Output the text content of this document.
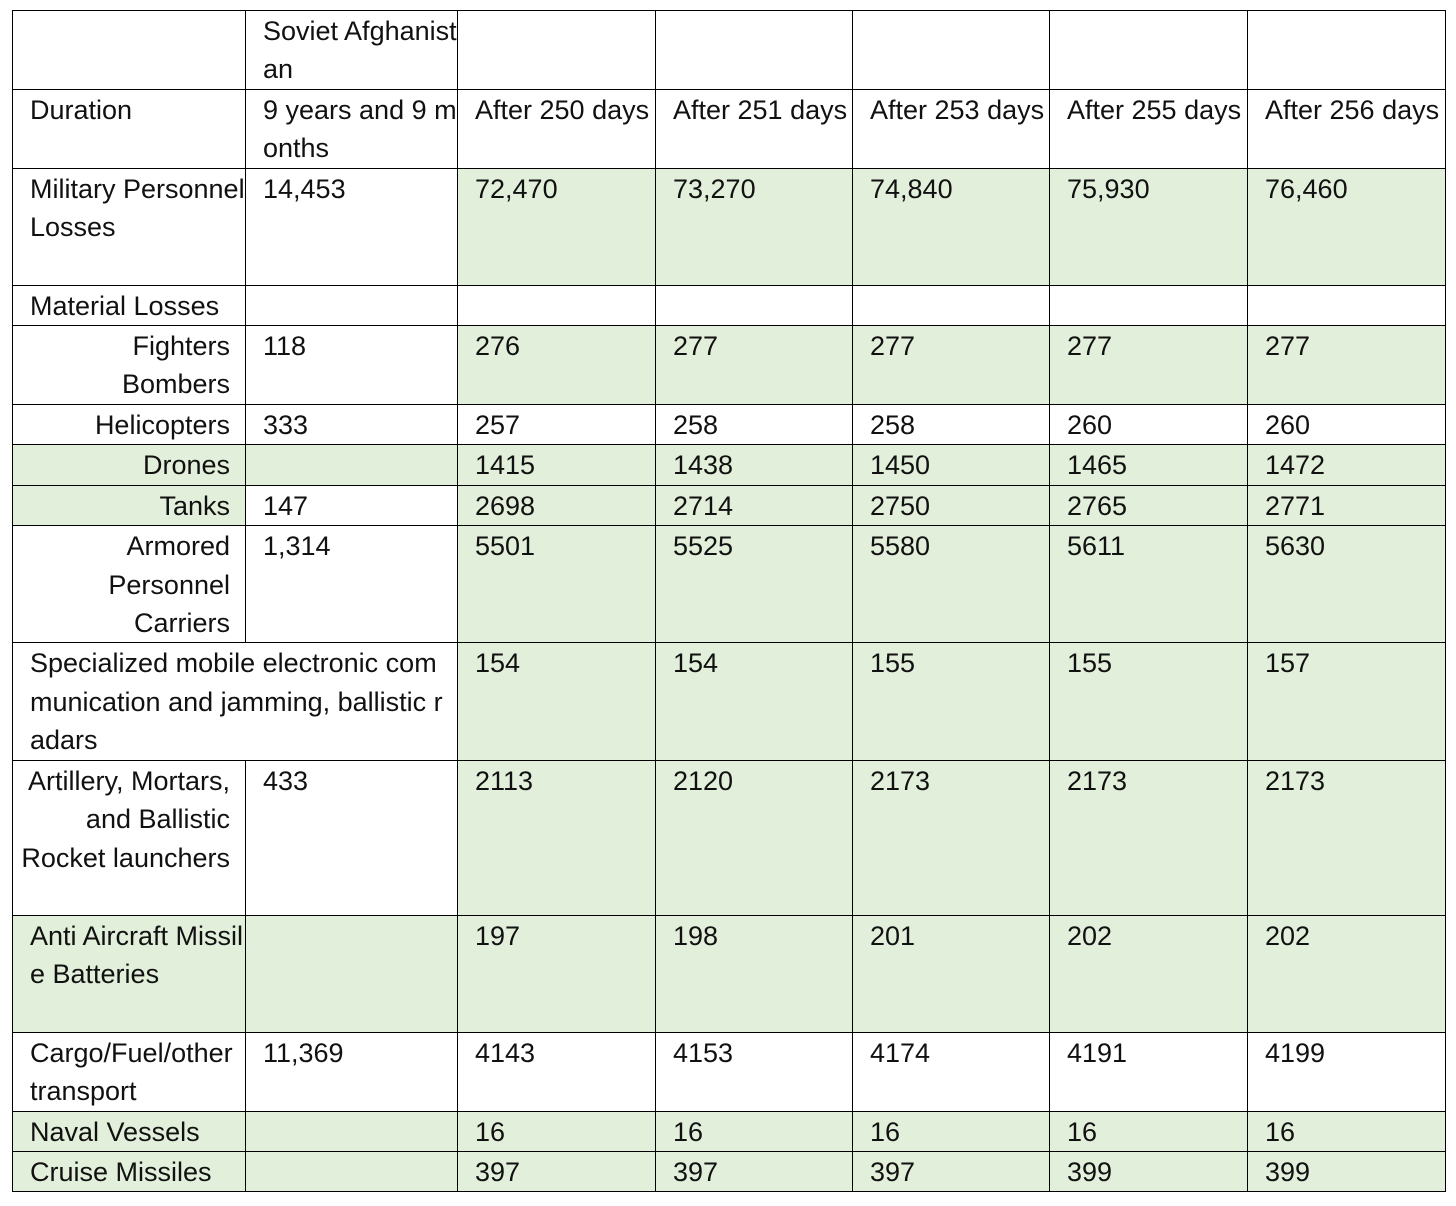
	Soviet Afghanistan					
Duration	9 years and 9 months	After 250 days	After 251 days	After 253 days	After 255 days	After 256 days
Military Personnel Losses	14,453	72,470	73,270	74,840	75,930	76,460
Material Losses						
Fighters Bombers	118	276	277	277	277	277
Helicopters	333	257	258	258	260	260
Drones		1415	1438	1450	1465	1472
Tanks	147	2698	2714	2750	2765	2771
Armored Personnel Carriers	1,314	5501	5525	5580	5611	5630
Specialized mobile electronic communication and jamming, ballistic radars		154	154	155	155	157
Artillery, Mortars, and Ballistic Rocket launchers	433	2113	2120	2173	2173	2173
Anti Aircraft Missile Batteries		197	198	201	202	202
Cargo/Fuel/other transport	11,369	4143	4153	4174	4191	4199
Naval Vessels		16	16	16	16	16
Cruise Missiles		397	397	397	399	399
